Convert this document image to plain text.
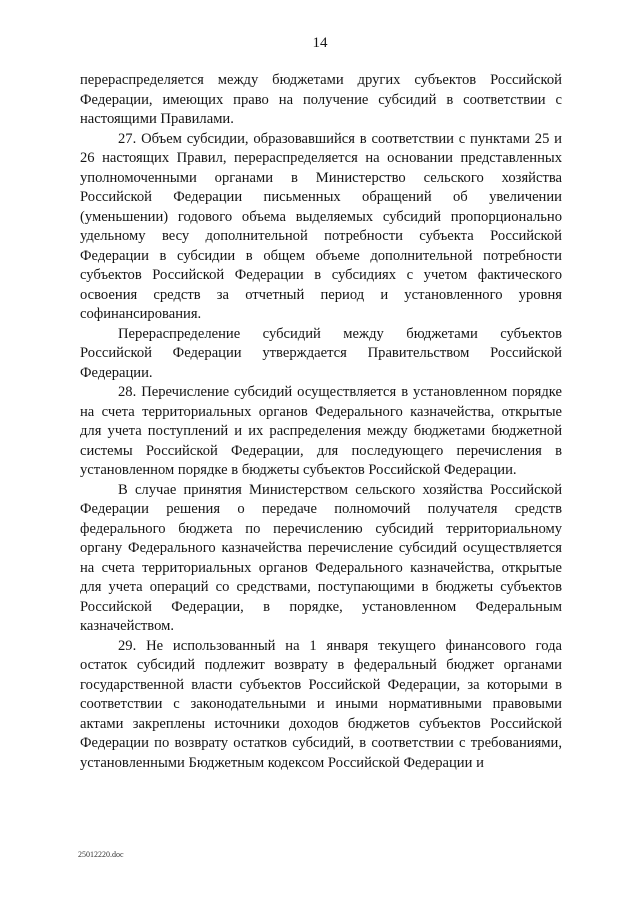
14

перераспределяется между бюджетами других субъектов Российской Федерации, имеющих право на получение субсидий в соответствии с настоящими Правилами.

27. Объем субсидии, образовавшийся в соответствии с пунктами 25 и 26 настоящих Правил, перераспределяется на основании представленных уполномоченными органами в Министерство сельского хозяйства Российской Федерации письменных обращений об увеличении (уменьшении) годового объема выделяемых субсидий пропорционально удельному весу дополнительной потребности субъекта Российской Федерации в субсидии в общем объеме дополнительной потребности субъектов Российской Федерации в субсидиях с учетом фактического освоения средств за отчетный период и установленного уровня софинансирования.

Перераспределение субсидий между бюджетами субъектов Российской Федерации утверждается Правительством Российской Федерации.

28. Перечисление субсидий осуществляется в установленном порядке на счета территориальных органов Федерального казначейства, открытые для учета поступлений и их распределения между бюджетами бюджетной системы Российской Федерации, для последующего перечисления в установленном порядке в бюджеты субъектов Российской Федерации.

В случае принятия Министерством сельского хозяйства Российской Федерации решения о передаче полномочий получателя средств федерального бюджета по перечислению субсидий территориальному органу Федерального казначейства перечисление субсидий осуществляется на счета территориальных органов Федерального казначейства, открытые для учета операций со средствами, поступающими в бюджеты субъектов Российской Федерации, в порядке, установленном Федеральным казначейством.

29. Не использованный на 1 января текущего финансового года остаток субсидий подлежит возврату в федеральный бюджет органами государственной власти субъектов Российской Федерации, за которыми в соответствии с законодательными и иными нормативными правовыми актами закреплены источники доходов бюджетов субъектов Российской Федерации по возврату остатков субсидий, в соответствии с требованиями, установленными Бюджетным кодексом Российской Федерации и

25012220.doc
